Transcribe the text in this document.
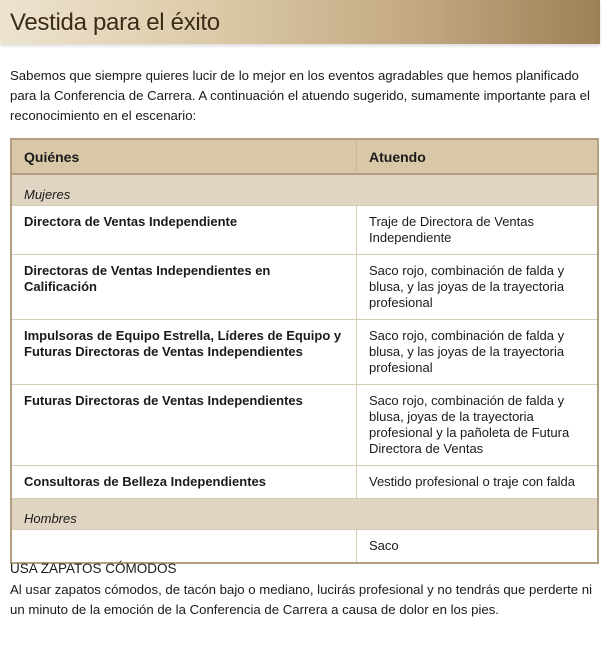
Vestida para el éxito

Sabemos que siempre quieres lucir de lo mejor en los eventos agradables que hemos planificado para la Conferencia de Carrera. A continuación el atuendo sugerido, sumamente importante para el reconocimiento en el escenario:

Quiénes	Atuendo
Mujeres	
Directora de Ventas Independiente	Traje de Directora de Ventas Independiente
Directoras de Ventas Independientes en Calificación	Saco rojo, combinación de falda y blusa, y las joyas de la trayectoria profesional
Impulsoras de Equipo Estrella, Líderes de Equipo y Futuras Directoras de Ventas Independientes	Saco rojo, combinación de falda y blusa, y las joyas de la trayectoria profesional
Futuras Directoras de Ventas Independientes	Saco rojo, combinación de falda y blusa, joyas de la trayectoria profesional y la pañoleta de Futura Directora de Ventas
Consultoras de Belleza Independientes	Vestido profesional o traje con falda
Hombres	
	Saco
USA ZAPATOS CÓMODOS

Al usar zapatos cómodos, de tacón bajo o mediano, lucirás profesional y no tendrás que perderte ni un minuto de la emoción de la Conferencia de Carrera a causa de dolor en los pies.
